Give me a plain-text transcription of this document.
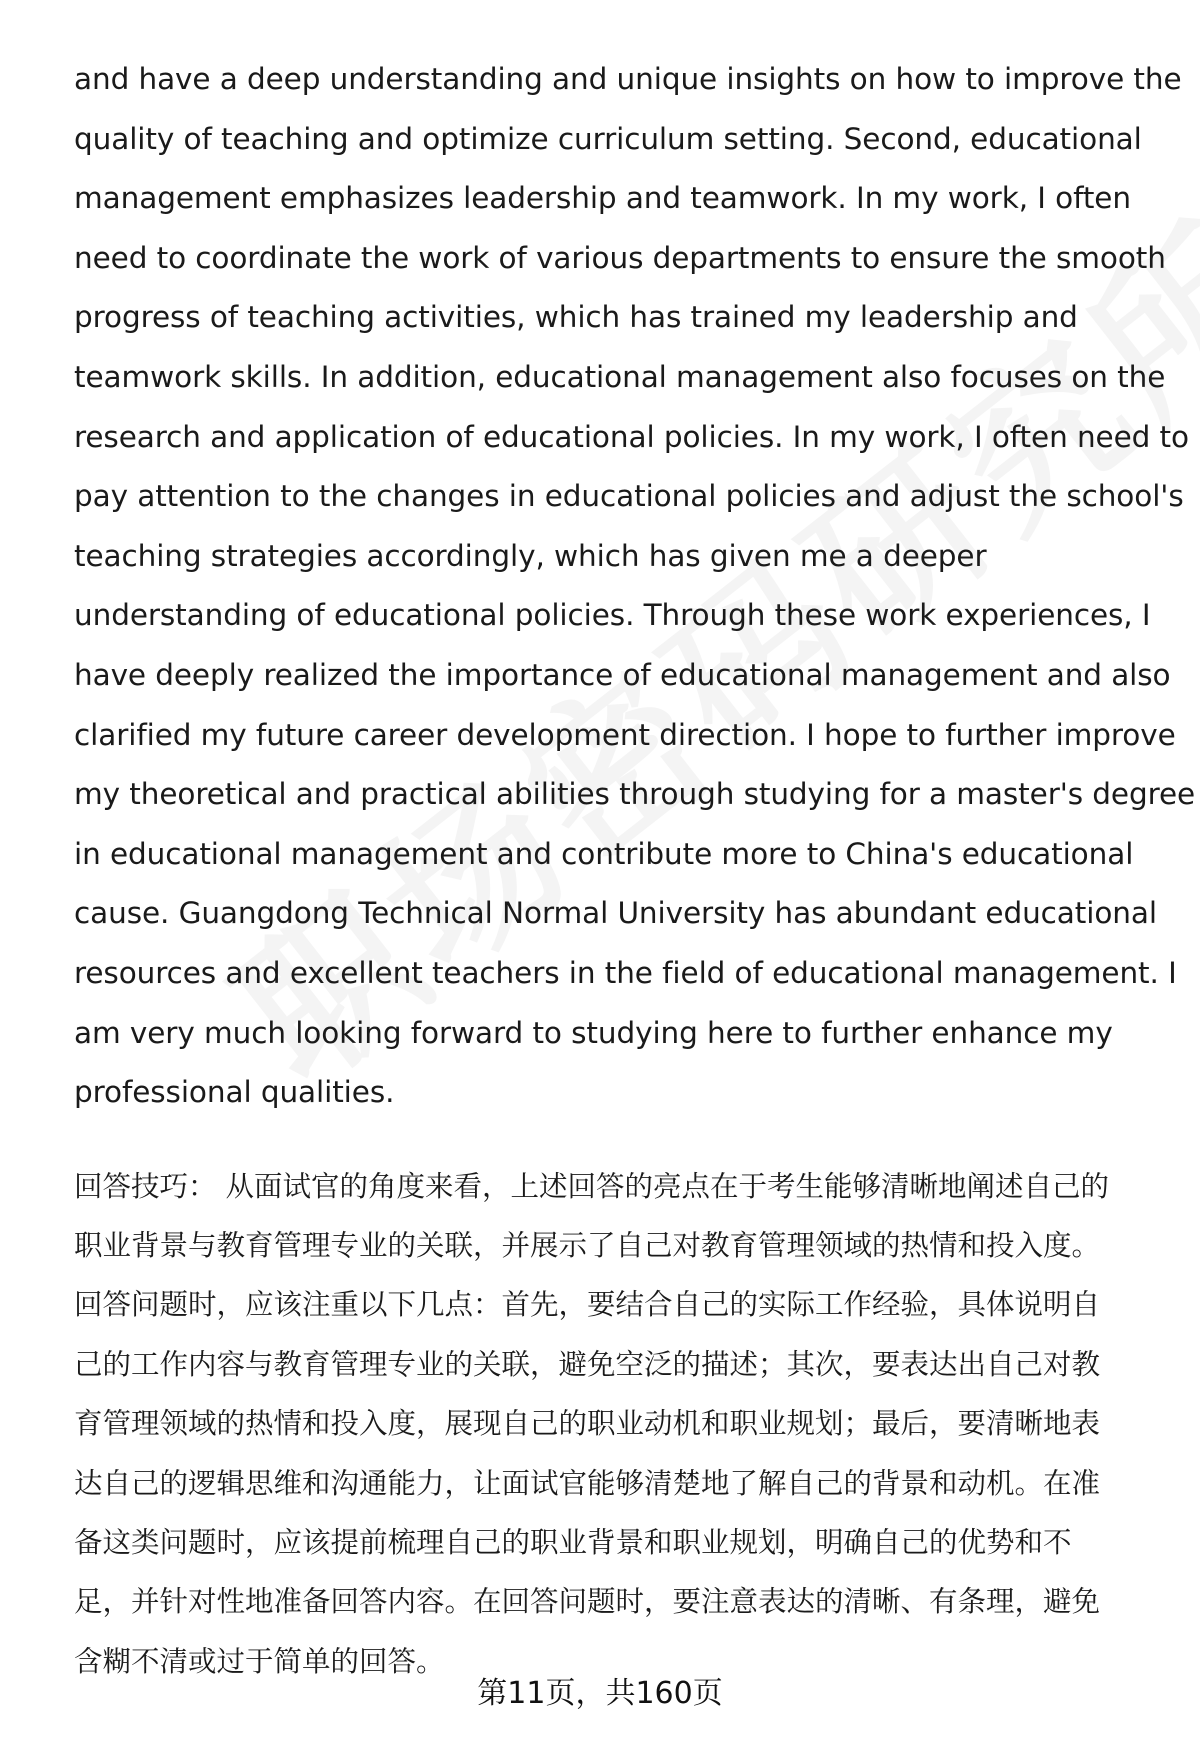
and have a deep understanding and unique insights on how to improve the
quality of teaching and optimize curriculum setting. Second, educational
management emphasizes leadership and teamwork. In my work, I often
need to coordinate the work of various departments to ensure the smooth
progress of teaching activities, which has trained my leadership and
teamwork skills. In addition, educational management also focuses on the
research and application of educational policies. In my work, I often need to
pay attention to the changes in educational policies and adjust the school's
teaching strategies accordingly, which has given me a deeper
understanding of educational policies. Through these work experiences, I
have deeply realized the importance of educational management and also
clarified my future career development direction. I hope to further improve
my theoretical and practical abilities through studying for a master's degree
in educational management and contribute more to China's educational
cause. Guangdong Technical Normal University has abundant educational
resources and excellent teachers in the field of educational management. I
am very much looking forward to studying here to further enhance my
professional qualities.
回答技巧： 从面试官的角度来看，上述回答的亮点在于考生能够清晰地阐述自己的
职业背景与教育管理专业的关联，并展示了自己对教育管理领域的热情和投入度。
回答问题时，应该注重以下几点：首先，要结合自己的实际工作经验，具体说明自
己的工作内容与教育管理专业的关联，避免空泛的描述；其次，要表达出自己对教
育管理领域的热情和投入度，展现自己的职业动机和职业规划；最后，要清晰地表
达自己的逻辑思维和沟通能力，让面试官能够清楚地了解自己的背景和动机。在准
备这类问题时，应该提前梳理自己的职业背景和职业规划，明确自己的优势和不
足，并针对性地准备回答内容。在回答问题时，要注意表达的清晰、有条理，避免
含糊不清或过于简单的回答。
第11页，共160页
